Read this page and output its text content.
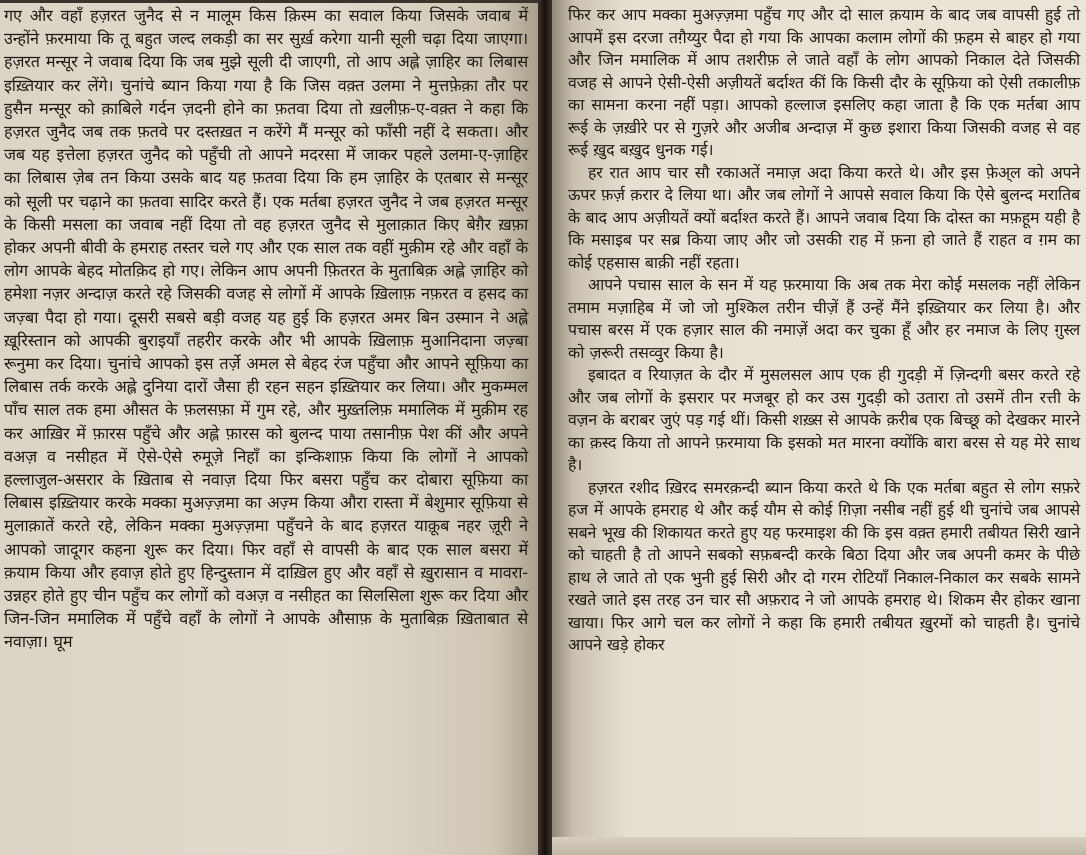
गए और वहाँ हज़रत जुनैद से न मालूम किस क़िस्म का सवाल किया जिसके जवाब में उन्होंने फ़रमाया कि तू बहुत जल्द लकड़ी का सर सुर्ख़ करेगा यानी सूली चढ़ा दिया जाएगा। हज़रत मन्सूर ने जवाब दिया कि जब मुझे सूली दी जाएगी, तो आप अह्ले ज़ाहिर का लिबास इख़्तियार कर लेंगे। चुनांचे ब्यान किया गया है कि जिस वक़्त उलमा ने मुत्तफ़ेक़ा तौर पर हुसैन मन्सूर को क़ाबिले गर्दन ज़दनी होने का फ़तवा दिया तो ख़लीफ़-ए-वक़्त ने कहा कि हज़रत जुनैद जब तक फ़तवे पर दस्तख़त न करेंगे मैं मन्सूर को फाँसी नहीं दे सकता। और जब यह इत्तेला हज़रत जुनैद को पहुँची तो आपने मदरसा में जाकर पहले उलमा-ए-ज़ाहिर का लिबास ज़ेब तन किया उसके बाद यह फ़तवा दिया कि हम ज़ाहिर के एतबार से मन्सूर को सूली पर चढ़ाने का फ़तवा सादिर करते हैं। एक मर्तबा हज़रत जुनैद ने जब हज़रत मन्सूर के किसी मसला का जवाब नहीं दिया तो वह हज़रत जुनैद से मुलाक़ात किए बेग़ैर ख़फ़ा होकर अपनी बीवी के हमराह तस्तर चले गए और एक साल तक वहीं मुक़ीम रहे और वहाँ के लोग आपके बेहद मोतक़िद हो गए। लेकिन आप अपनी फ़ितरत के मुताबिक़ अह्ले ज़ाहिर को हमेशा नज़र अन्दाज़ करते रहे जिसकी वजह से लोगों में आपके ख़िलाफ़ नफ़रत व हसद का जज़्बा पैदा हो गया। दूसरी सबसे बड़ी वजह यह हुई कि हज़रत अमर बिन उस्मान ने अह्ले ख़ूरिस्तान को आपकी बुराइयाँ तहरीर करके और भी आपके ख़िलाफ़ मुआनिदाना जज़्बा रूनुमा कर दिया। चुनांचे आपको इस तर्ज़े अमल से बेहद रंज पहुँचा और आपने सूफ़िया का लिबास तर्क करके अह्ले दुनिया दारों जैसा ही रहन सहन इख़्तियार कर लिया। और मुकम्मल पाँच साल तक हमा औसत के फ़लसफ़ा में गुम रहे, और मुख़्तलिफ़ ममालिक में मुक़ीम रह कर आख़िर में फ़ारस पहुँचे और अह्ले फ़ारस को बुलन्द पाया तसानीफ़ पेश कीं और अपने वअज़ व नसीहत में ऐसे-ऐसे रुमूज़े निहाँ का इन्किशाफ़ किया कि लोगों ने आपको हल्लाजुल-असरार के ख़िताब से नवाज़ दिया फिर बसरा पहुँच कर दोबारा सूफ़िया का लिबास इख़्तियार करके मक्का मुअज़्ज़मा का अज़्म किया औरा रास्ता में बेशुमार सूफ़िया से मुलाक़ातें करते रहे, लेकिन मक्का मुअज़्ज़मा पहुँचने के बाद हज़रत याक़ूब नहर ज़ूरी ने आपको जादूगर कहना शुरू कर दिया। फिर वहाँ से वापसी के बाद एक साल बसरा में क़याम किया और हवाज़ होते हुए हिन्दुस्तान में दाख़िल हुए और वहाँ से ख़ुरासान व मावरा-उन्नहर होते हुए चीन पहुँच कर लोगों को वअज़ व नसीहत का सिलसिला शुरू कर दिया और जिन-जिन ममालिक में पहुँचे वहाँ के लोगों ने आपके औसाफ़ के मुताबिक़ ख़िताबात से नवाज़ा। घूम

फिर कर आप मक्का मुअज़्ज़मा पहुँच गए और दो साल क़याम के बाद जब वापसी हुई तो आपमें इस दरजा तग़ैय्युर पैदा हो गया कि आपका कलाम लोगों की फ़हम से बाहर हो गया और जिन ममालिक में आप तशरीफ़ ले जाते वहाँ के लोग आपको निकाल देते जिसकी वजह से आपने ऐसी-ऐसी अज़ीयतें बर्दाश्त कीं कि किसी दौर के सूफ़िया को ऐसी तकालीफ़ का सामना करना नहीं पड़ा। आपको हल्लाज इसलिए कहा जाता है कि एक मर्तबा आप रूई के ज़ख़ीरे पर से गुज़रे और अजीब अन्दाज़ में कुछ इशारा किया जिसकी वजह से वह रूई ख़ुद बख़ुद धुनक गई।

हर रात आप चार सौ रकाअतें नमाज़ अदा किया करते थे। और इस फ़ेअ्ल को अपने ऊपर फ़र्ज़ क़रार दे लिया था। और जब लोगों ने आपसे सवाल किया कि ऐसे बुलन्द मरातिब के बाद आप अज़ीयतें क्यों बर्दाश्त करते हैं। आपने जवाब दिया कि दोस्त का मफ़हूम यही है कि मसाइब पर सब्र किया जाए और जो उसकी राह में फ़ना हो जाते हैं राहत व ग़म का कोई एहसास बाक़ी नहीं रहता।

आपने पचास साल के सन में यह फ़रमाया कि अब तक मेरा कोई मसलक नहीं लेकिन तमाम मज़ाहिब में जो जो मुश्किल तरीन चीज़ें हैं उन्हें मैंने इख़्तियार कर लिया है। और पचास बरस में एक हज़ार साल की नमाज़ें अदा कर चुका हूँ और हर नमाज के लिए ग़ुस्ल को ज़रूरी तसव्वुर किया है।

इबादत व रियाज़त के दौर में मुसलसल आप एक ही गुदड़ी में ज़िन्दगी बसर करते रहे और जब लोगों के इसरार पर मजबूर हो कर उस गुदड़ी को उतारा तो उसमें तीन रत्ती के वज़न के बराबर जुएं पड़ गई थीं। किसी शख़्स से आपके क़रीब एक बिच्छू को देखकर मारने का क़स्द किया तो आपने फ़रमाया कि इसको मत मारना क्योंकि बारा बरस से यह मेरे साथ है।

हज़रत रशीद ख़िरद समरक़न्दी ब्यान किया करते थे कि एक मर्तबा बहुत से लोग सफ़रे हज में आपके हमराह थे और कई यौम से कोई ग़िज़ा नसीब नहीं हुई थी चुनांचे जब आपसे सबने भूख की शिकायत करते हुए यह फरमाइश की कि इस वक़्त हमारी तबीयत सिरी खाने को चाहती है तो आपने सबको सफ़बन्दी करके बिठा दिया और जब अपनी कमर के पीछे हाथ ले जाते तो एक भुनी हुई सिरी और दो गरम रोटियाँ निकाल-निकाल कर सबके सामने रखते जाते इस तरह उन चार सौ अफ़राद ने जो आपके हमराह थे। शिकम सैर होकर खाना खाया। फिर आगे चल कर लोगों ने कहा कि हमारी तबीयत ख़ुरमों को चाहती है। चुनांचे आपने खड़े होकर
